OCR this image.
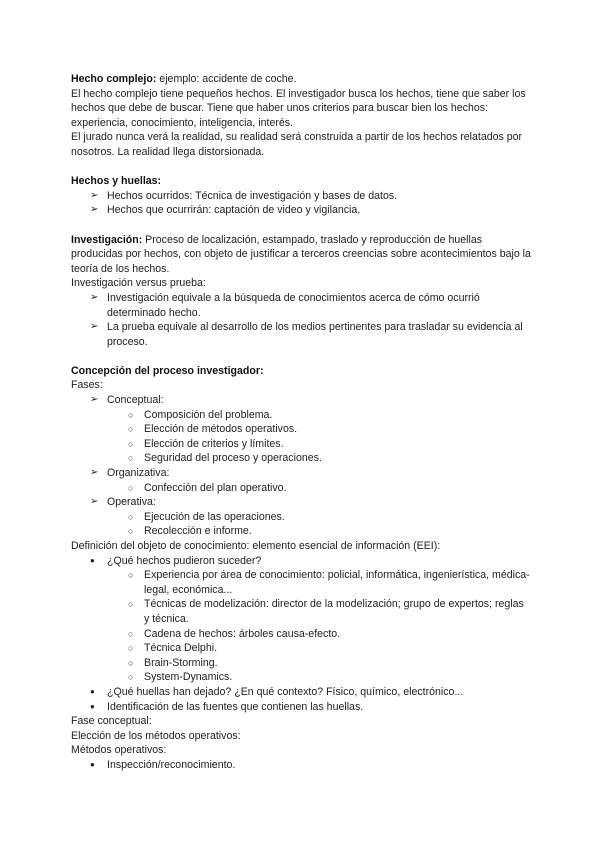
Hecho complejo: ejemplo: accidente de coche.

El hecho complejo tiene pequeños hechos. El investigador busca los hechos, tiene que saber los hechos que debe de buscar. Tiene que haber unos criterios para buscar bien los hechos: experiencia, conocimiento, inteligencia, interés.

El jurado nunca verá la realidad, su realidad será construida a partir de los hechos relatados por nosotros. La realidad llega distorsionada.

Hechos y huellas:

➢ Hechos ocurridos: Técnica de investigación y bases de datos.
➢ Hechos que ocurrirán: captación de video y vigilancia.

Investigación: Proceso de localización, estampado, traslado y reproducción de huellas producidas por hechos, con objeto de justificar a terceros creencias sobre acontecimientos bajo la teoría de los hechos.

Investigación versus prueba:

➢ Investigación equivale a la búsqueda de conocimientos acerca de cómo ocurrió determinado hecho.
➢ La prueba equivale al desarrollo de los medios pertinentes para trasladar su evidencia al proceso.

Concepción del proceso investigador:

Fases:

➢ Conceptual:
○ Composición del problema.
○ Elección de métodos operativos.
○ Elección de criterios y límites.
○ Seguridad del proceso y operaciones.
➢ Organizativa:
○ Confección del plan operativo.
➢ Operativa:
○ Ejecución de las operaciones.
○ Recolección e informe.

Definición del objeto de conocimiento: elemento esencial de información (EEI):

● ¿Qué hechos pudieron suceder?
○ Experiencia por área de conocimiento: policial, informática, ingenierística, médica-legal, económica...
○ Técnicas de modelización: director de la modelización; grupo de expertos; reglas y técnica.
○ Cadena de hechos: árboles causa-efecto.
○ Técnica Delphi.
○ Brain-Storming.
○ System-Dynamics.
● ¿Qué huellas han dejado? ¿En qué contexto? Físico, químico, electrónico...
● Identificación de las fuentes que contienen las huellas.

Fase conceptual:

Elección de los métodos operativos:

Métodos operativos:

● Inspección/reconocimiento.
